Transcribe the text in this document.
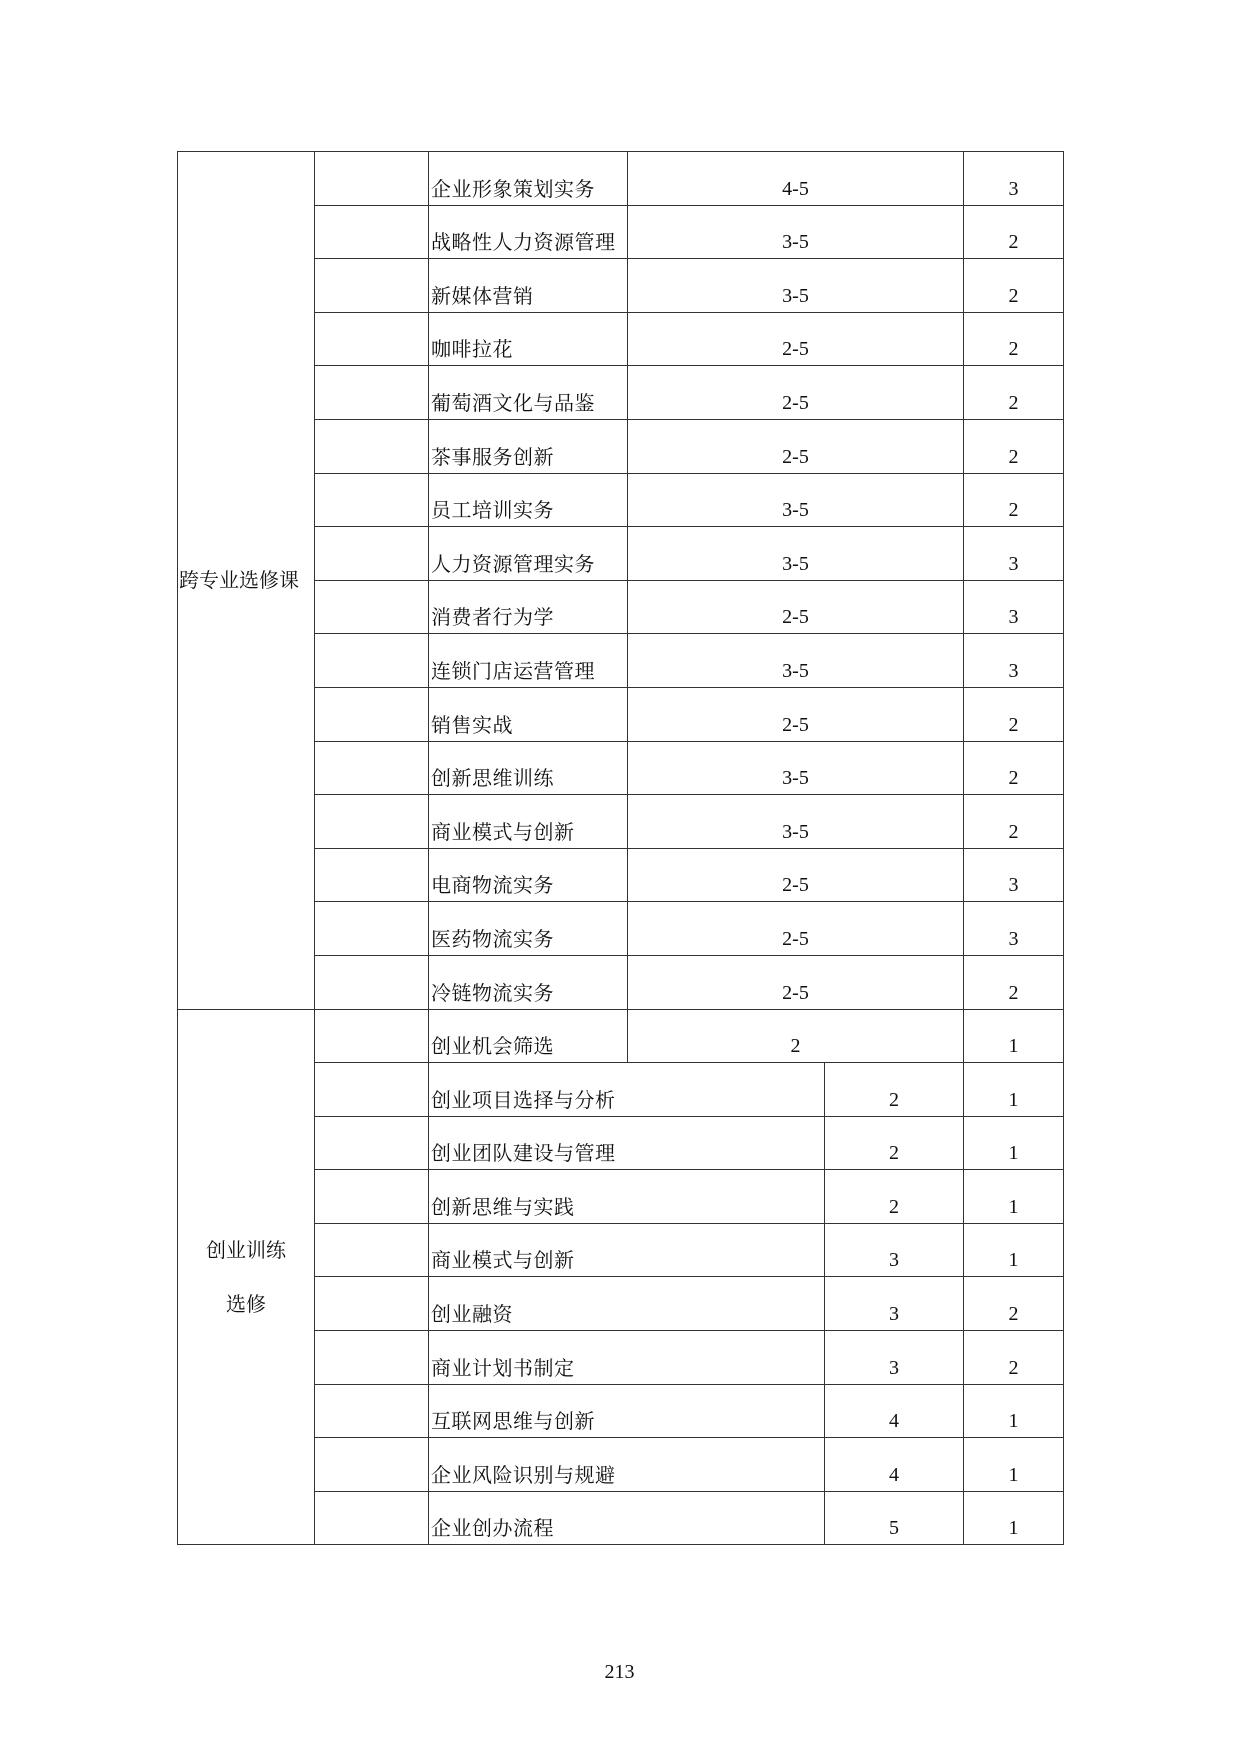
跨专业选修课		企业形象策划实务	4-5		3
		战略性人力资源管理	3-5		2
		新媒体营销	3-5		2
		咖啡拉花	2-5		2
		葡萄酒文化与品鉴	2-5		2
		茶事服务创新	2-5		2
		员工培训实务	3-5		2
		人力资源管理实务	3-5		3
		消费者行为学	2-5		3
		连锁门店运营管理	3-5		3
		销售实战	2-5		2
		创新思维训练	3-5		2
		商业模式与创新	3-5		2
		电商物流实务	2-5		3
		医药物流实务	2-5		3
		冷链物流实务	2-5		2

创业训练
选修		创业机会筛选	2		1
		创业项目选择与分析		2	1
		创业团队建设与管理		2	1
		创新思维与实践		2	1
		商业模式与创新		3	1
		创业融资		3	2
		商业计划书制定		3	2
		互联网思维与创新		4	1
		企业风险识别与规避		4	1
		企业创办流程		5	1
213
